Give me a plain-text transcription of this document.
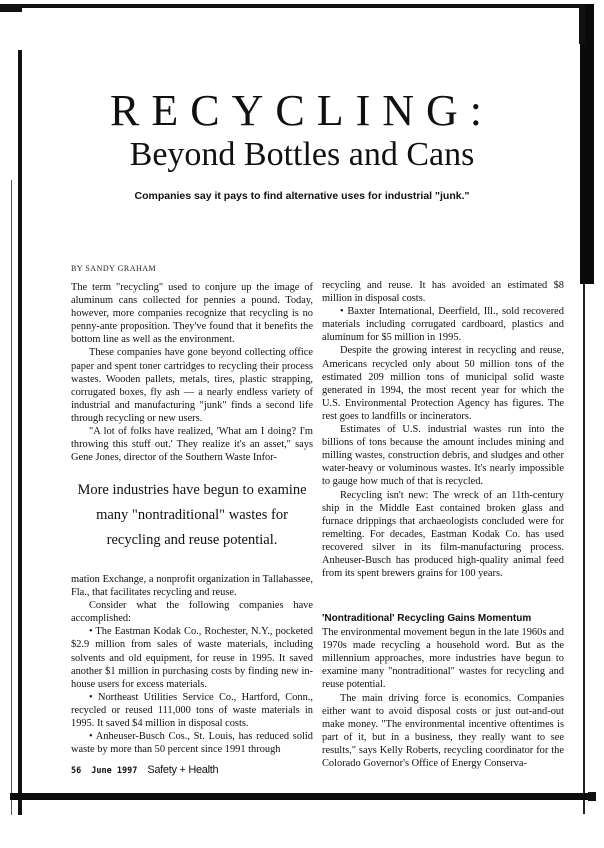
RECYCLING:
Beyond Bottles and Cans
Companies say it pays to find alternative uses for industrial "junk."
BY SANDY GRAHAM

The term "recycling" used to conjure up the image of aluminum cans collected for pennies a pound. Today, however, more companies recognize that recycling is no penny-ante proposition. They've found that it benefits the bottom line as well as the environment.

These companies have gone beyond collecting office paper and spent toner cartridges to recycling their process wastes. Wooden pallets, metals, tires, plastic strapping, corrugated boxes, fly ash — a nearly endless variety of industrial and manufacturing "junk" finds a second life through recycling or new users.

"A lot of folks have realized, 'What am I doing? I'm throwing this stuff out.' They realize it's an asset," says Gene Jones, director of the Southern Waste Infor-

More industries have begun to examine
many "nontraditional" wastes for
recycling and reuse potential.

mation Exchange, a nonprofit organization in Tallahassee, Fla., that facilitates recycling and reuse.

Consider what the following companies have accomplished:

• The Eastman Kodak Co., Rochester, N.Y., pocketed $2.9 million from sales of waste materials, including solvents and old equipment, for reuse in 1995. It saved another $1 million in purchasing costs by finding new in-house users for excess materials.

• Northeast Utilities Service Co., Hartford, Conn., recycled or reused 111,000 tons of waste materials in 1995. It saved $4 million in disposal costs.

• Anheuser-Busch Cos., St. Louis, has reduced solid waste by more than 50 percent since 1991 through

recycling and reuse. It has avoided an estimated $8 million in disposal costs.

• Baxter International, Deerfield, Ill., sold recovered materials including corrugated cardboard, plastics and aluminum for $5 million in 1995.

Despite the growing interest in recycling and reuse, Americans recycled only about 50 million tons of the estimated 209 million tons of municipal solid waste generated in 1994, the most recent year for which the U.S. Environmental Protection Agency has figures. The rest goes to landfills or incinerators.

Estimates of U.S. industrial wastes run into the billions of tons because the amount includes mining and milling wastes, construction debris, and sludges and other water-heavy or voluminous wastes. It's nearly impossible to gauge how much of that is recycled.

Recycling isn't new: The wreck of an 11th-century ship in the Middle East contained broken glass and furnace drippings that archaeologists concluded were for remelting. For decades, Eastman Kodak Co. has used recovered silver in its film-manufacturing process. Anheuser-Busch has produced high-quality animal feed from its spent brewers grains for 100 years.

'Nontraditional' Recycling Gains Momentum

The environmental movement begun in the late 1960s and 1970s made recycling a household word. But as the millennium approaches, more industries have begun to examine many "nontraditional" wastes for recycling and reuse potential.

The main driving force is economics. Companies either want to avoid disposal costs or just out-and-out make money. "The environmental incentive oftentimes is part of it, but in a business, they really want to see results," says Kelly Roberts, recycling coordinator for the Colorado Governor's Office of Energy Conserva-

56 June 1997 Safety + Health
